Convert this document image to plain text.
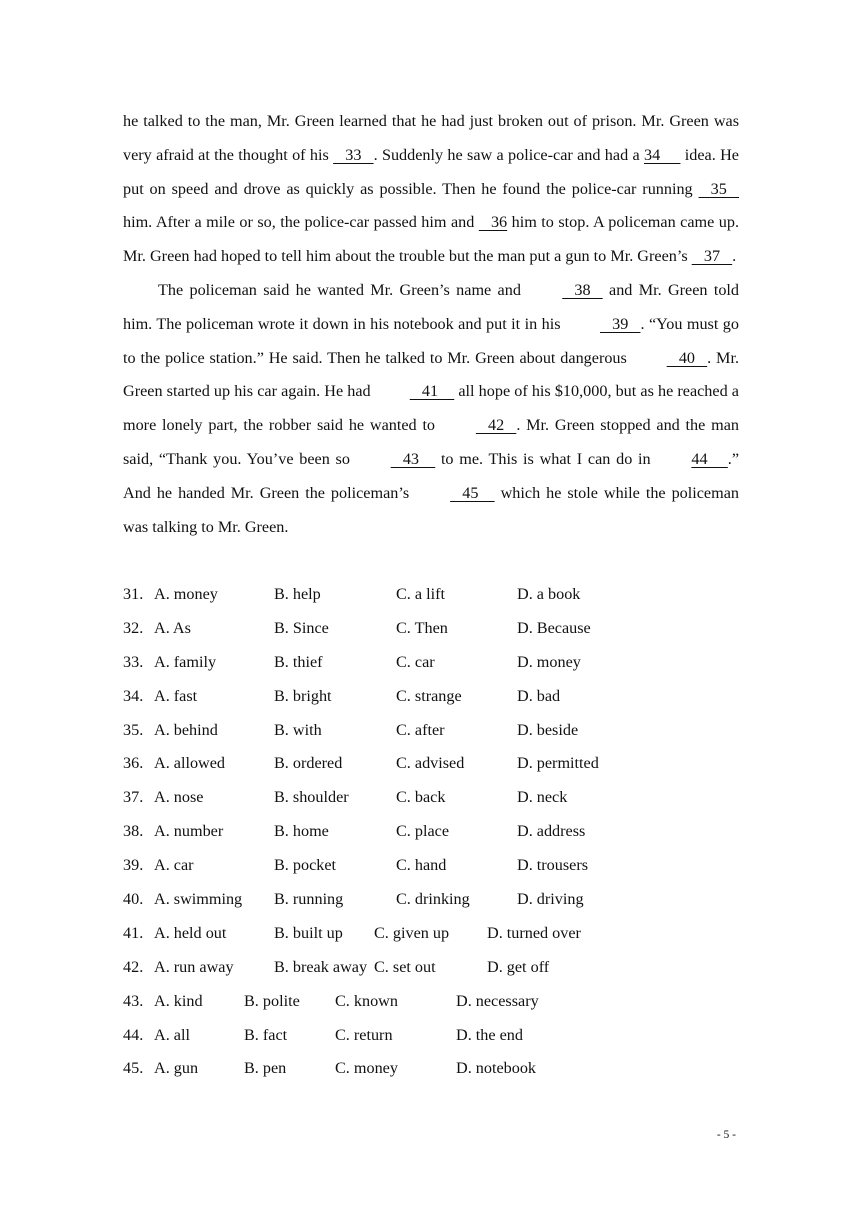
he talked to the man, Mr. Green learned that he had just broken out of prison. Mr. Green was very afraid at the thought of his    33   . Suddenly he saw a police-car and had a 34      idea. He put on speed and drove as quickly as possible. Then he found the police-car running    35    him. After a mile or so, the police-car passed him and    36 him to stop. A policeman came up. Mr. Green had hoped to tell him about the trouble but the man put a gun to Mr. Green’s    37   .

The policeman said he wanted Mr. Green’s name and    38    and Mr. Green told him. The policeman wrote it down in his notebook and put it in his    39   . “You must go to the police station.” He said. Then he talked to Mr. Green about dangerous    40   . Mr. Green started up his car again. He had    41     all hope of his $10,000, but as he reached a more lonely part, the robber said he wanted to    42   . Mr. Green stopped and the man said, “Thank you. You’ve been so    43     to me. This is what I can do in 44     .” And he handed Mr. Green the policeman’s    45     which he stole while the policeman was talking to Mr. Green.

31. A. money	B. help	C. a lift	D. a book
32. A. As	B. Since	C. Then	D. Because
33. A. family	B. thief	C. car	D. money
34. A. fast	B. bright	C. strange	D. bad
35. A. behind	B. with	C. after	D. beside
36. A. allowed	B. ordered	C. advised	D. permitted
37. A. nose	B. shoulder	C. back	D. neck
38. A. number	B. home	C. place	D. address
39. A. car	B. pocket	C. hand	D. trousers
40. A. swimming B. running	C. drinking	D. driving
41. A. held out	B. built up C. given up D. turned over
42. A. run away B. break away C. set out	D. get off
43. A. kind	B. polite C. known	D. necessary
44. A. all	B. fact	C. return	D. the end
45. A. gun	B. pen	C. money	D. notebook
- 5 -
